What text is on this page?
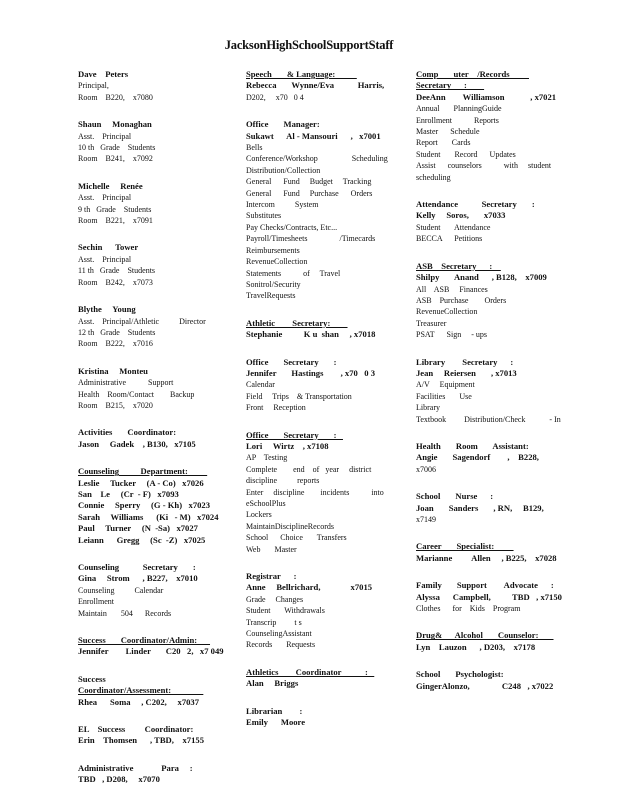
JacksonHighSchoolSupportStaff
Dave    Peters
Principal,
Room    B220,    x7080
Shaun     Monaghan
Asst.    Principal
10 th   Grade    Students
Room    B241,    x7092
Michelle     Renée
Asst.    Principal
9 th   Grade    Students
Room    B221,    x7091
Sechin      Tower
Asst.    Principal
11 th   Grade    Students
Room    B242,    x7073
Blythe     Young
Asst.    Principal/Athletic          Director
12 th   Grade    Students
Room    B222,    x7016
Kristina     Monteu
Administrative           Support
Health    Room/Contact        Backup
Room    B215,    x7020
Activities       Coordinator:
Jason     Gadek    , B130,   x7105
Counseling          Department:
Leslie     Tucker     (A - Co)   x7026
San    Le     (Cr  - F)   x7093
Connie     Sperry     (G - Kh)   x7023
Sarah     Williams      (Ki   - M)   x7024
Paul     Turner     (N  -Sa)   x7027
Leiann      Gregg     (Sc  -Z)   x7025
Counseling           Secretary       :
Gina     Strom      , B227,    x7010
Counseling          Calendar
Enrollment
Maintain       504      Records
Success       Coordinator/Admin:
Jennifer        Linder       C20   2,   x7 049
Success
Coordinator/Assessment:
Rhea      Soma     , C202,     x7037
EL    Success         Coordinator:
Erin    Thomsen      , TBD,    x7155
Administrative             Para     :
TBD   , D208,     x7070
Speech       & Language:
Rebecca       Wynne/Eva           Harris,
D202,     x70   0 4
Office       Manager:
Sukawt      Al - Mansouri      ,   x7001
Bells
Conference/Workshop                 Scheduling
Distribution/Collection
General      Fund     Budget     Tracking
General      Fund     Purchase      Orders
Intercom          System
Substitutes
Pay Checks/Contracts, Etc...
Payroll/Timesheets                /Timecards
Reimbursements
RevenueCollection
Statements           of     Travel
Sonitrol/Security
TravelRequests
Athletic        Secretary:
Stephanie          K u  shan     , x7018
Office       Secretary       :
Jennifer       Hastings        , x70   0 3
Calendar
Field     Trips    & Transportation
Front     Reception
Office       Secretary       :
Lori     Wirtz    , x7108
AP    Testing
Complete        end    of   year     district
discipline          reports
Enter     discipline        incidents           into
eSchoolPlus
Lockers
MaintainDisciplineRecords
School      Choice       Transfers
Web       Master
Registrar      :
Anne     Bellrichard,              x7015
Grade     Changes
Student       Withdrawals
Transcrip         t s
CounselingAssistant
Records       Requests
Athletics        Coordinator           :
Alan     Briggs
Librarian        :
Emily      Moore
Comp       uter    /Records
Secretary      :
DeeAnn        Williamson            , x7021
Annual       PlanningGuide
Enrollment           Reports
Master      Schedule
Report       Cards
Student       Record      Updates
Assist      counselors           with     student
scheduling
Attendance           Secretary       :
Kelly     Soros,       x7033
Student       Attendance
BECCA      Petitions
ASB    Secretary      :
Shilpy       Anand      , B128,    x7009
All    ASB     Finances
ASB    Purchase        Orders
RevenueCollection
Treasurer
PSAT      Sign     - ups
Library        Secretary      :
Jean     Reiersen       , x7013
A/V     Equipment
Facilities       Use
Library
Textbook         Distribution/Check            - In
Health       Room       Assistant:
Angie       Sagendorf        ,    B228,
x7006
School       Nurse      :
Joan       Sanders       , RN,     B129,
x7149
Career       Specialist:
Marianne         Allen     , B225,    x7028
Family       Support        Advocate      :
Alyssa      Campbell,          TBD   , x7150
Clothes      for    Kids    Program
Drug&      Alcohol       Counselor:
Lyn    Lauzon      , D203,    x7178
School       Psychologist:
GingerAlonzo,               C248   , x7022
